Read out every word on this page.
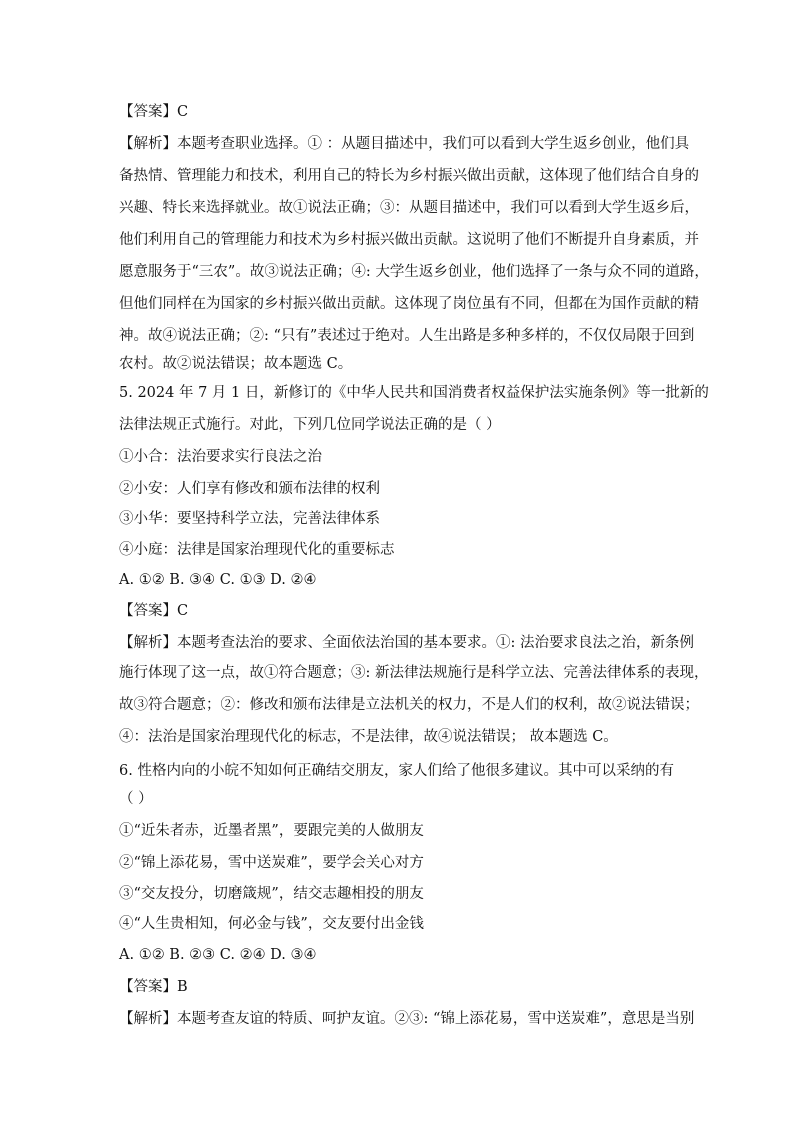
【答案】C
【解析】本题考查职业选择。① ：从题目描述中，我们可以看到大学生返乡创业，他们具
备热情、管理能力和技术，利用自己的特长为乡村振兴做出贡献，这体现了他们结合自身的
兴趣、特长来选择就业。故①说法正确；③：从题目描述中，我们可以看到大学生返乡后，
他们利用自己的管理能力和技术为乡村振兴做出贡献。这说明了他们不断提升自身素质，并
愿意服务于“三农”。故③说法正确；④: 大学生返乡创业，他们选择了一条与众不同的道路，
但他们同样在为国家的乡村振兴做出贡献。这体现了岗位虽有不同，但都在为国作贡献的精
神。故④说法正确；②: “只有”表述过于绝对。人生出路是多种多样的，不仅仅局限于回到
农村。故②说法错误；故本题选 C。
5. 2024 年 7 月 1 日，新修订的《中华人民共和国消费者权益保护法实施条例》等一批新的
法律法规正式施行。对此，下列几位同学说法正确的是（ ）
①小合：法治要求实行良法之治
②小安：人们享有修改和颁布法律的权利
③小华：要坚持科学立法，完善法律体系
④小庭：法律是国家治理现代化的重要标志
A. ①② B. ③④ C. ①③ D. ②④
【答案】C
【解析】本题考查法治的要求、全面依法治国的基本要求。①: 法治要求良法之治，新条例
施行体现了这一点，故①符合题意；③: 新法律法规施行是科学立法、完善法律体系的表现，
故③符合题意；②：修改和颁布法律是立法机关的权力，不是人们的权利，故②说法错误；
④：法治是国家治理现代化的标志，不是法律，故④说法错误； 故本题选 C。
6. 性格内向的小皖不知如何正确结交朋友，家人们给了他很多建议。其中可以采纳的有
（ ）
①“近朱者赤，近墨者黑”，要跟完美的人做朋友
②“锦上添花易，雪中送炭难”，要学会关心对方
③“交友投分，切磨箴规”，结交志趣相投的朋友
④“人生贵相知，何必金与钱”，交友要付出金钱
A. ①② B. ②③ C. ②④ D. ③④
【答案】B
【解析】本题考查友谊的特质、呵护友谊。②③: “锦上添花易，雪中送炭难”，意思是当别
